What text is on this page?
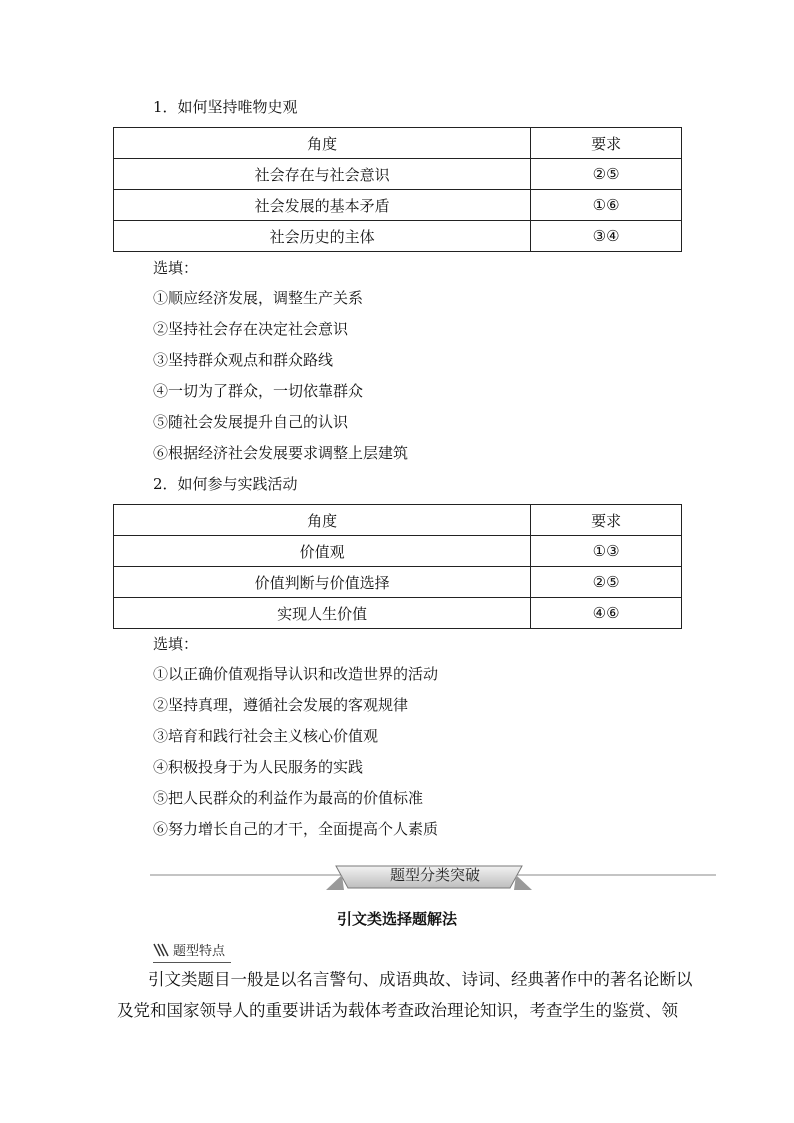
1．如何坚持唯物史观
角度	要求
社会存在与社会意识	②⑤
社会发展的基本矛盾	①⑥
社会历史的主体	③④
选填：
①顺应经济发展，调整生产关系
②坚持社会存在决定社会意识
③坚持群众观点和群众路线
④一切为了群众，一切依靠群众
⑤随社会发展提升自己的认识
⑥根据经济社会发展要求调整上层建筑
2．如何参与实践活动
角度	要求
价值观	①③
价值判断与价值选择	②⑤
实现人生价值	④⑥
选填：
①以正确价值观指导认识和改造世界的活动
②坚持真理，遵循社会发展的客观规律
③培育和践行社会主义核心价值观
④积极投身于为人民服务的实践
⑤把人民群众的利益作为最高的价值标准
⑥努力增长自己的才干，全面提高个人素质
题型分类突破
引文类选择题解法
题型特点
引文类题目一般是以名言警句、成语典故、诗词、经典著作中的著名论断以
及党和国家领导人的重要讲话为载体考查政治理论知识，考查学生的鉴赏、领
